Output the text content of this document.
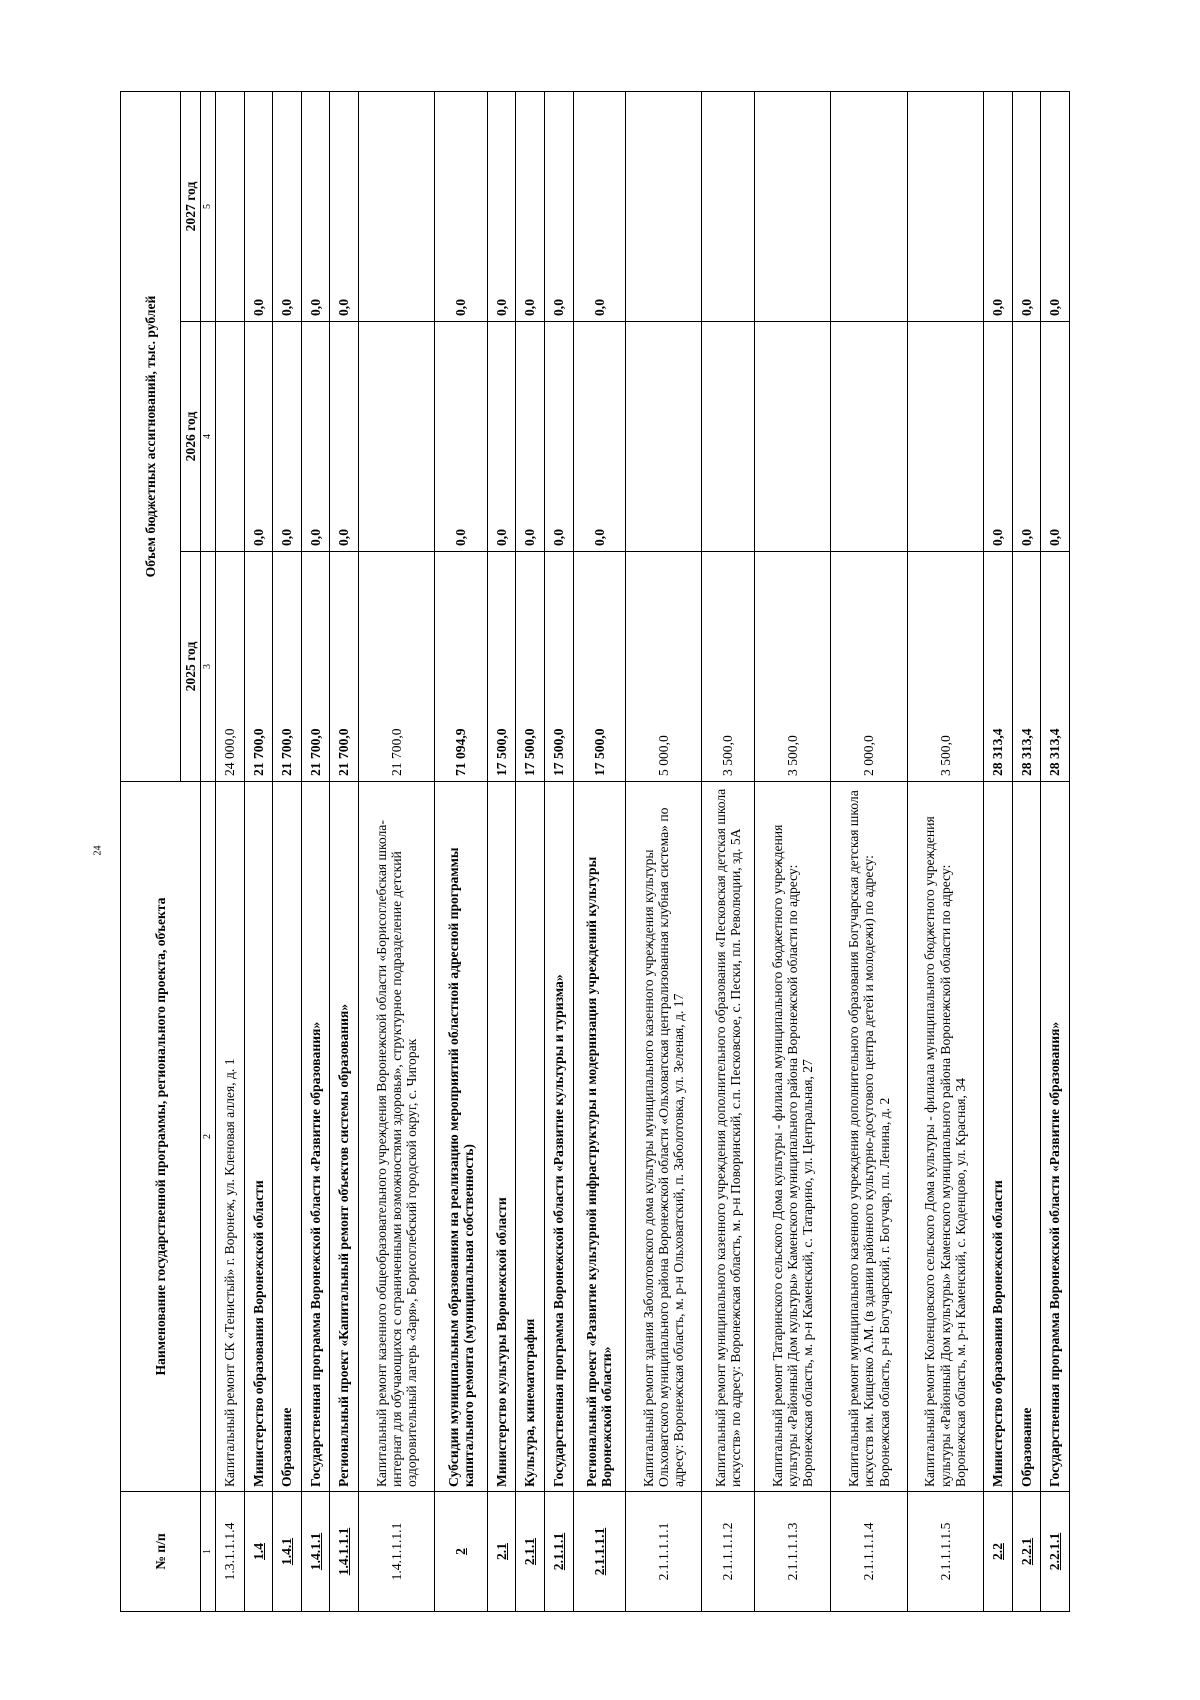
24
№ п/п	Наименование государственной программы, регионального проекта, объекта	Объем бюджетных ассигнований, тыс. рублей		
		2025 год	2026 год	2027 год
1	2	3	4	5
1.3.1.1.1.4	Капитальный ремонт СК «Тенистый» г. Воронеж, ул. Кленовая аллея, д. 1	24 000,0		
1.4	Министерство образования Воронежской области	21 700,0	0,0	0,0
1.4.1	Образование	21 700,0	0,0	0,0
1.4.1.1	Государственная программа Воронежской области «Развитие образования»	21 700,0	0,0	0,0
1.4.1.1.1	Региональный проект «Капитальный ремонт объектов системы образования»	21 700,0	0,0	0,0
1.4.1.1.1.1	Капитальный ремонт казенного общеобразовательного учреждения Воронежской области «Борисоглебская школа-интернат для обучающихся с ограниченными возможностями здоровья», структурное подразделение детский оздоровительный лагерь «Заря», Борисоглебский городской округ, с. Чигорак	21 700,0		
2	Субсидии муниципальным образованиям на реализацию мероприятий областной адресной программы капитального ремонта (муниципальная собственность)	71 094,9	0,0	0,0
2.1	Министерство культуры Воронежской области	17 500,0	0,0	0,0
2.1.1	Культура, кинематография	17 500,0	0,0	0,0
2.1.1.1	Государственная программа Воронежской области «Развитие культуры и туризма»	17 500,0	0,0	0,0
2.1.1.1.1	Региональный проект «Развитие культурной инфраструктуры и модернизация учреждений культуры Воронежской области»	17 500,0	0,0	0,0
2.1.1.1.1.1	Капитальный ремонт здания Заболотовского дома культуры муниципального казенного учреждения культуры Ольховатского муниципального района Воронежской области «Ольховатская централизованная клубная система» по адресу: Воронежская область, м. р-н Ольховатский, п. Заболотовка, ул. Зеленая, д. 17	5 000,0		
2.1.1.1.1.2	Капитальный ремонт муниципального казенного учреждения дополнительного образования «Песковская детская школа искусств» по адресу: Воронежская область, м. р-н Поворинский, с.п. Песковское, с. Пески, пл. Революции, зд. 5А	3 500,0		
2.1.1.1.1.3	Капитальный ремонт Татаринского сельского Дома культуры - филиала муниципального бюджетного учреждения культуры «Районный Дом культуры» Каменского муниципального района Воронежской области по адресу: Воронежская область, м. р-н Каменский, с. Татарино, ул. Центральная, 27	3 500,0		
2.1.1.1.1.4	Капитальный ремонт муниципального казенного учреждения дополнительного образования Богучарская детская школа искусств им. Кищенко А.М. (в здании районного культурно-досугового центра детей и молодежи) по адресу: Воронежская область, р-н Богучарский, г. Богучар, пл. Ленина, д. 2	2 000,0		
2.1.1.1.1.5	Капитальный ремонт Коленцовского сельского Дома культуры - филиала муниципального бюджетного учреждения культуры «Районный Дом культуры» Каменского муниципального района Воронежской области по адресу: Воронежская область, м. р-н Каменский, с. Коденцово, ул. Красная, 34	3 500,0		
2.2	Министерство образования Воронежской области	28 313,4	0,0	0,0
2.2.1	Образование	28 313,4	0,0	0,0
2.2.1.1	Государственная программа Воронежской области «Развитие образования»	28 313,4	0,0	0,0
